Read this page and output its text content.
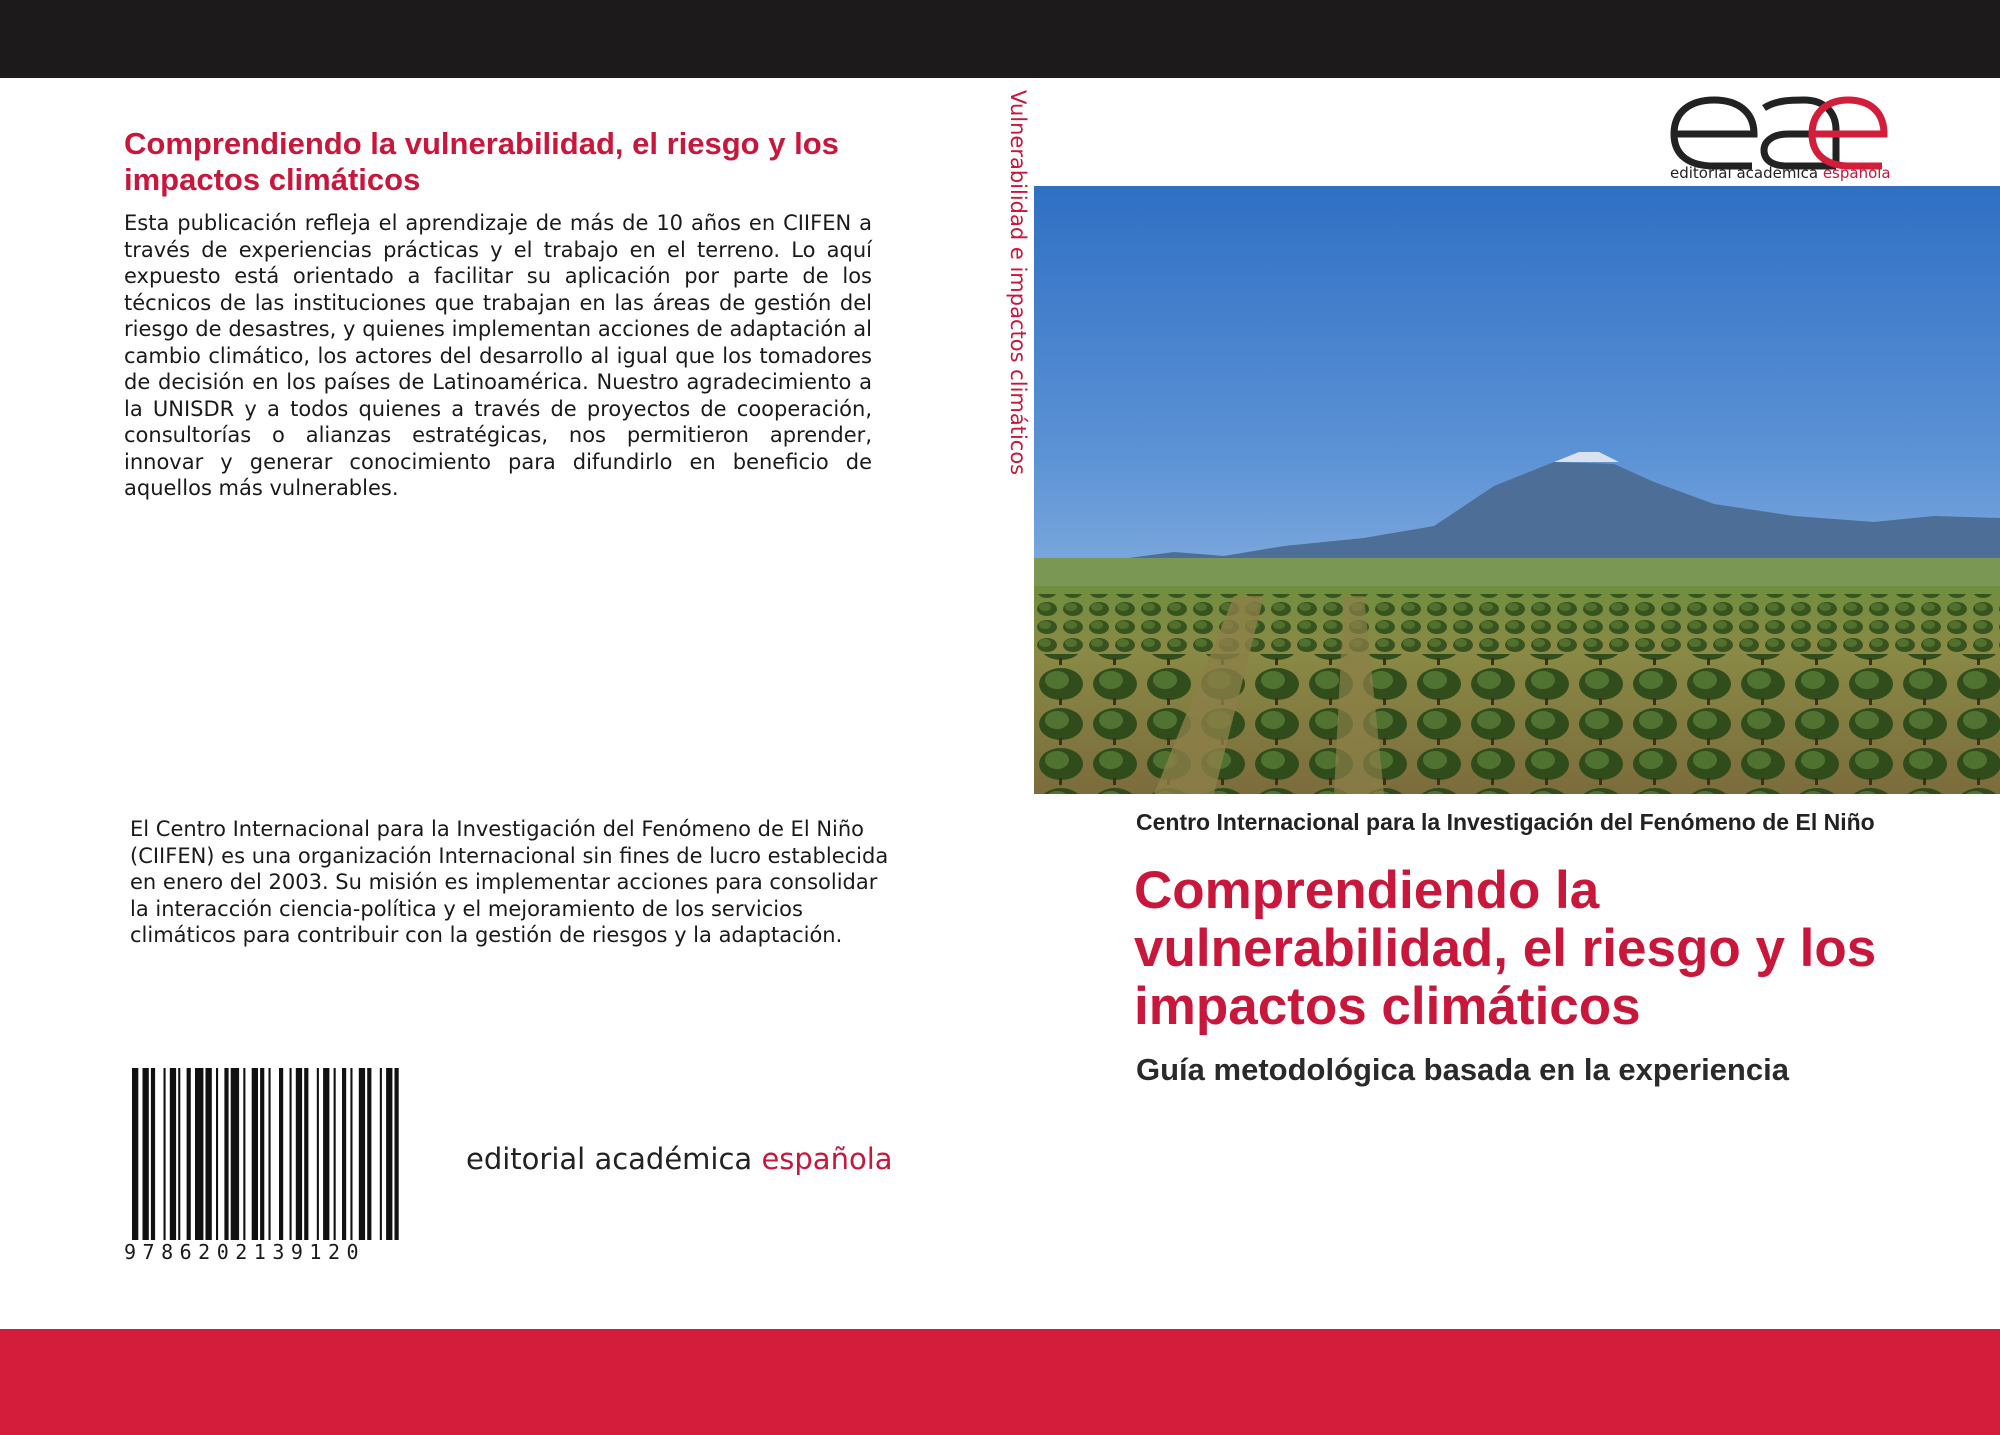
Comprendiendo la vulnerabilidad, el riesgo y los impactos climáticos

Esta publicación refleja el aprendizaje de más de 10 años en CIIFEN a través de experiencias prácticas y el trabajo en el terreno. Lo aquí expuesto está orientado a facilitar su aplicación por parte de los técnicos de las instituciones que trabajan en las áreas de gestión del riesgo de desastres, y quienes implementan acciones de adaptación al cambio climático, los actores del desarrollo al igual que los tomadores de decisión en los países de Latinoamérica. Nuestro agradecimiento a la UNISDR y a todos quienes a través de proyectos de cooperación, consultorías o alianzas estratégicas, nos permitieron aprender, innovar y generar conocimiento para difundirlo en beneficio de aquellos más vulnerables.

El Centro Internacional para la Investigación del Fenómeno de El Niño (CIIFEN) es una organización Internacional sin fines de lucro establecida en enero del 2003. Su misión es implementar acciones para consolidar la interacción ciencia-política y el mejoramiento de los servicios climáticos para contribuir con la gestión de riesgos y la adaptación.

9786202139120
editorial académica española
Vulnerabilidad e impactos climáticos	editorial académica española
Centro Internacional para la Investigación del Fenómeno de El Niño
Comprendiendo la vulnerabilidad, el riesgo y los impactos climáticos
Guía metodológica basada en la experiencia
